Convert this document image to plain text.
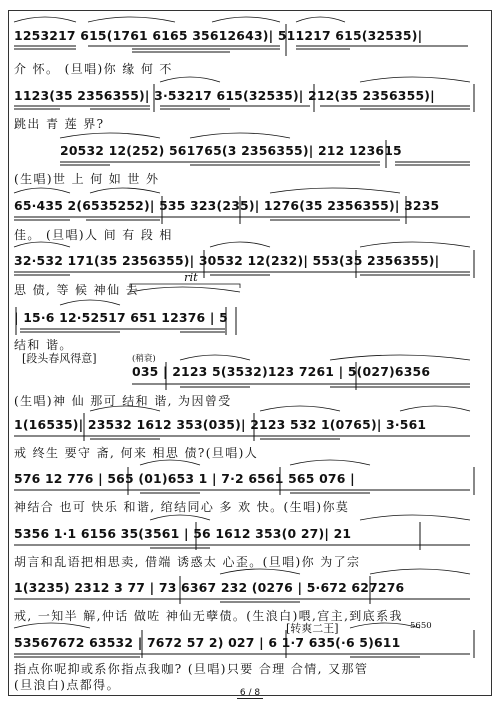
1253217 615(1761 6165 35612643)| 511217 615(32535)|
介 怀。 (旦唱)你 缘 何 不
1123(35 2356355)| 3·53217 615(32535)| 212(35 2356355)|
跳出 青 莲 界?
20532 12(252) 561765(3 2356355)| 212 123615
(生唱)世 上 何 如 世 外
65·435 2(6535252)| 535 323(235)| 1276(35 2356355)| 3235
佳。 (旦唱)人 间 有 段 相
32·532 171(35 2356355)| 30532 12(232)| 553(35 2356355)|
思 债, 等 候 神仙 去
rit
| 15·6 12·52517 651 12376 | 5
结和 谐。
[段头春风得意]	(稍衰)
035 | 2123 5(3532)123 7261 | 5(027)6356
(生唱)神 仙 那可 结和 谐, 为因曾受
1(16535)| 23532 1612 353(035)| 2123 532 1(0765)| 3·561
戒 终生 要守 斋, 何来 相思 债?(旦唱)人
576 12 776 | 565 (01)653 1 | 7·2 6561 565 076 |
神结合 也可 快乐 和谐, 绾结同心 多 欢 快。(生唱)你莫
5356 1·1 6156 35(3561 | 56 1612 353(0 27)| 21
胡言和乱语把相思卖, 借端 诱惑太 心歪。(旦唱)你 为了宗
1(3235) 2312 3 77 | 73 6367 232 (0276 | 5·672 627276
戒, 一知半 解,仲话 做咗 神仙无孽债。(生浪白)喂,宫主,到底系我
[转爽二王]	5650
53567672 63532 | 7672 57 2) 027 | 6 1·7 635(·6 5)611
指点你呢抑或系你指点我咖? (旦唱)只要 合理 合情, 又那管
(旦浪白)点都得。
6 / 8
